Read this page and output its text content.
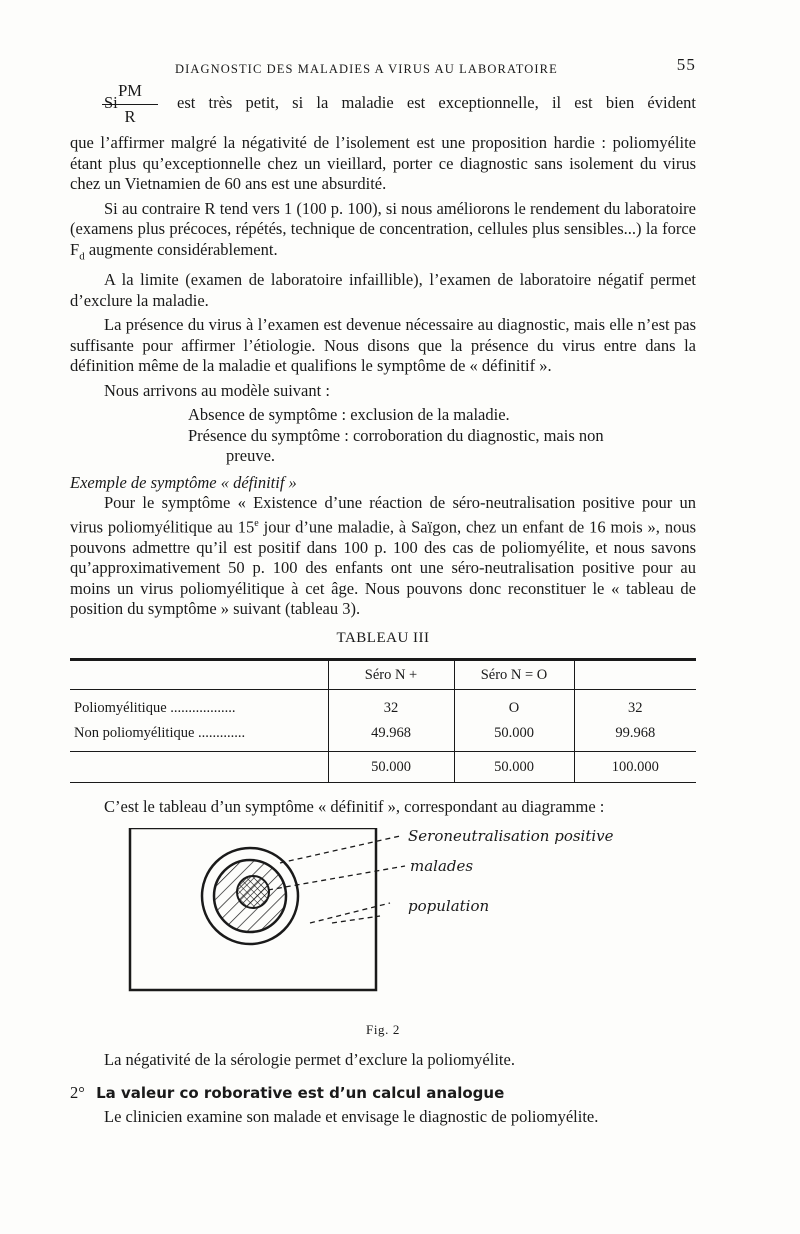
DIAGNOSTIC DES MALADIES A VIRUS AU LABORATOIRE	55
Si
PM
R
est très petit, si la maladie est exceptionnelle, il est bien évident

que l’affirmer malgré la négativité de l’isolement est une proposition hardie : poliomyélite étant plus qu’exceptionnelle chez un vieillard, porter ce diagnostic sans isolement du virus chez un Vietnamien de 60 ans est une absurdité.

Si au contraire R tend vers 1 (100 p. 100), si nous améliorons le rendement du laboratoire (examens plus précoces, répétés, technique de concentration, cellules plus sensibles...) la force $F_d$ augmente considérablement.

A la limite (examen de laboratoire infaillible), l’examen de laboratoire négatif permet d’exclure la maladie.

La présence du virus à l’examen est devenue nécessaire au diagnostic, mais elle n’est pas suffisante pour affirmer l’étiologie. Nous disons que la présence du virus entre dans la définition même de la maladie et qualifions le symptôme de « définitif ».

Nous arrivons au modèle suivant :

Absence de symptôme : exclusion de la maladie.
Présence du symptôme : corroboration du diagnostic, mais non
preuve.
Exemple de symptôme « définitif »

Pour le symptôme « Existence d’une réaction de séro-neutralisation positive pour un virus poliomyélitique au 15e jour d’une maladie, à Saïgon, chez un enfant de 16 mois », nous pouvons admettre qu’il est positif dans 100 p. 100 des cas de poliomyélite, et nous savons qu’approximativement 50 p. 100 des enfants ont une séro-neutralisation positive pour au moins un virus poliomyélitique à cet âge. Nous pouvons donc reconstituer le « tableau de position du symptôme » suivant (tableau 3).

TABLEAU III

	Séro N +	Séro N = O	

Poliomyélitique ..................	32	O	32
Non poliomyélitique .............	49.968	50.000	99.968

	50.000	50.000	100.000

C’est le tableau d’un symptôme « définitif », correspondant au diagramme :

Seroneutralisation positive
malades
population
Fig. 2

La négativité de la sérologie permet d’exclure la poliomyélite.

2° La valeur co roborative est d’un calcul analogue

Le clinicien examine son malade et envisage le diagnostic de poliomyélite.
